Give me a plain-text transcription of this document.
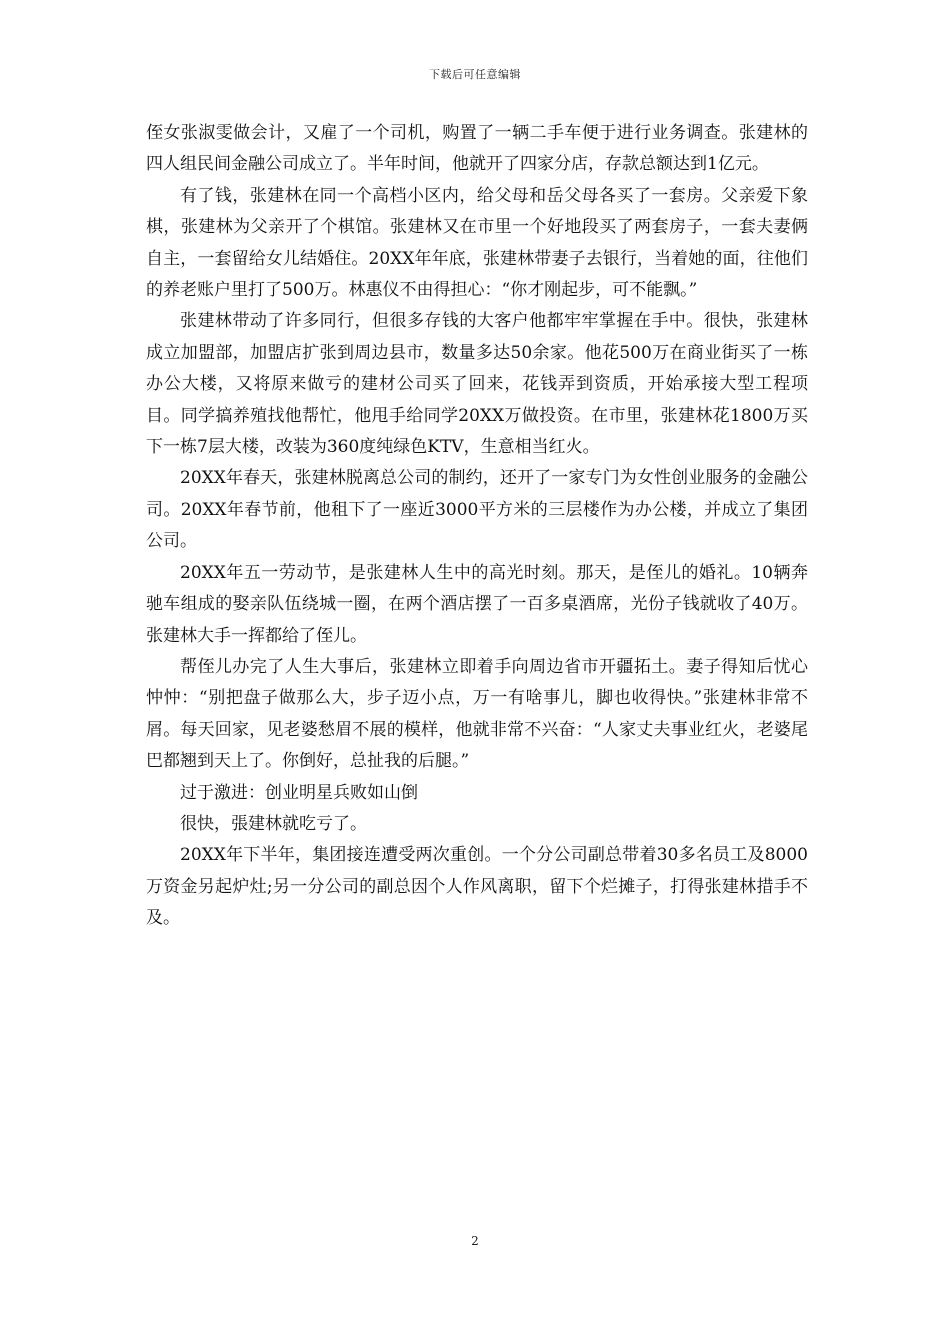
下载后可任意编辑

侄女张淑雯做会计，又雇了一个司机，购置了一辆二手车便于进行业务调查。张建林的四人组民间金融公司成立了。半年时间，他就开了四家分店，存款总额达到1亿元。

有了钱，张建林在同一个高档小区内，给父母和岳父母各买了一套房。父亲爱下象棋，张建林为父亲开了个棋馆。张建林又在市里一个好地段买了两套房子，一套夫妻俩自主，一套留给女儿结婚住。20XX年年底，张建林带妻子去银行，当着她的面，往他们的养老账户里打了500万。林惠仪不由得担心：“你才刚起步，可不能飘。”

张建林带动了许多同行，但很多存钱的大客户他都牢牢掌握在手中。很快，张建林成立加盟部，加盟店扩张到周边县市，数量多达50余家。他花500万在商业街买了一栋办公大楼，又将原来做亏的建材公司买了回来，花钱弄到资质，开始承接大型工程项目。同学搞养殖找他帮忙，他甩手给同学20XX万做投资。在市里，张建林花1800万买下一栋7层大楼，改装为360度纯绿色KTV，生意相当红火。

20XX年春天，张建林脱离总公司的制约，还开了一家专门为女性创业服务的金融公司。20XX年春节前，他租下了一座近3000平方米的三层楼作为办公楼，并成立了集团公司。

20XX年五一劳动节，是张建林人生中的高光时刻。那天，是侄儿的婚礼。10辆奔驰车组成的娶亲队伍绕城一圈，在两个酒店摆了一百多桌酒席，光份子钱就收了40万。张建林大手一挥都给了侄儿。

帮侄儿办完了人生大事后，张建林立即着手向周边省市开疆拓土。妻子得知后忧心忡忡：“别把盘子做那么大，步子迈小点，万一有啥事儿，脚也收得快。”张建林非常不屑。每天回家，见老婆愁眉不展的模样，他就非常不兴奋：“人家丈夫事业红火，老婆尾巴都翘到天上了。你倒好，总扯我的后腿。”

过于激进：创业明星兵败如山倒

很快，張建林就吃亏了。

20XX年下半年，集团接连遭受两次重创。一个分公司副总带着30多名员工及8000万资金另起炉灶;另一分公司的副总因个人作风离职，留下个烂摊子，打得张建林措手不及。

2
